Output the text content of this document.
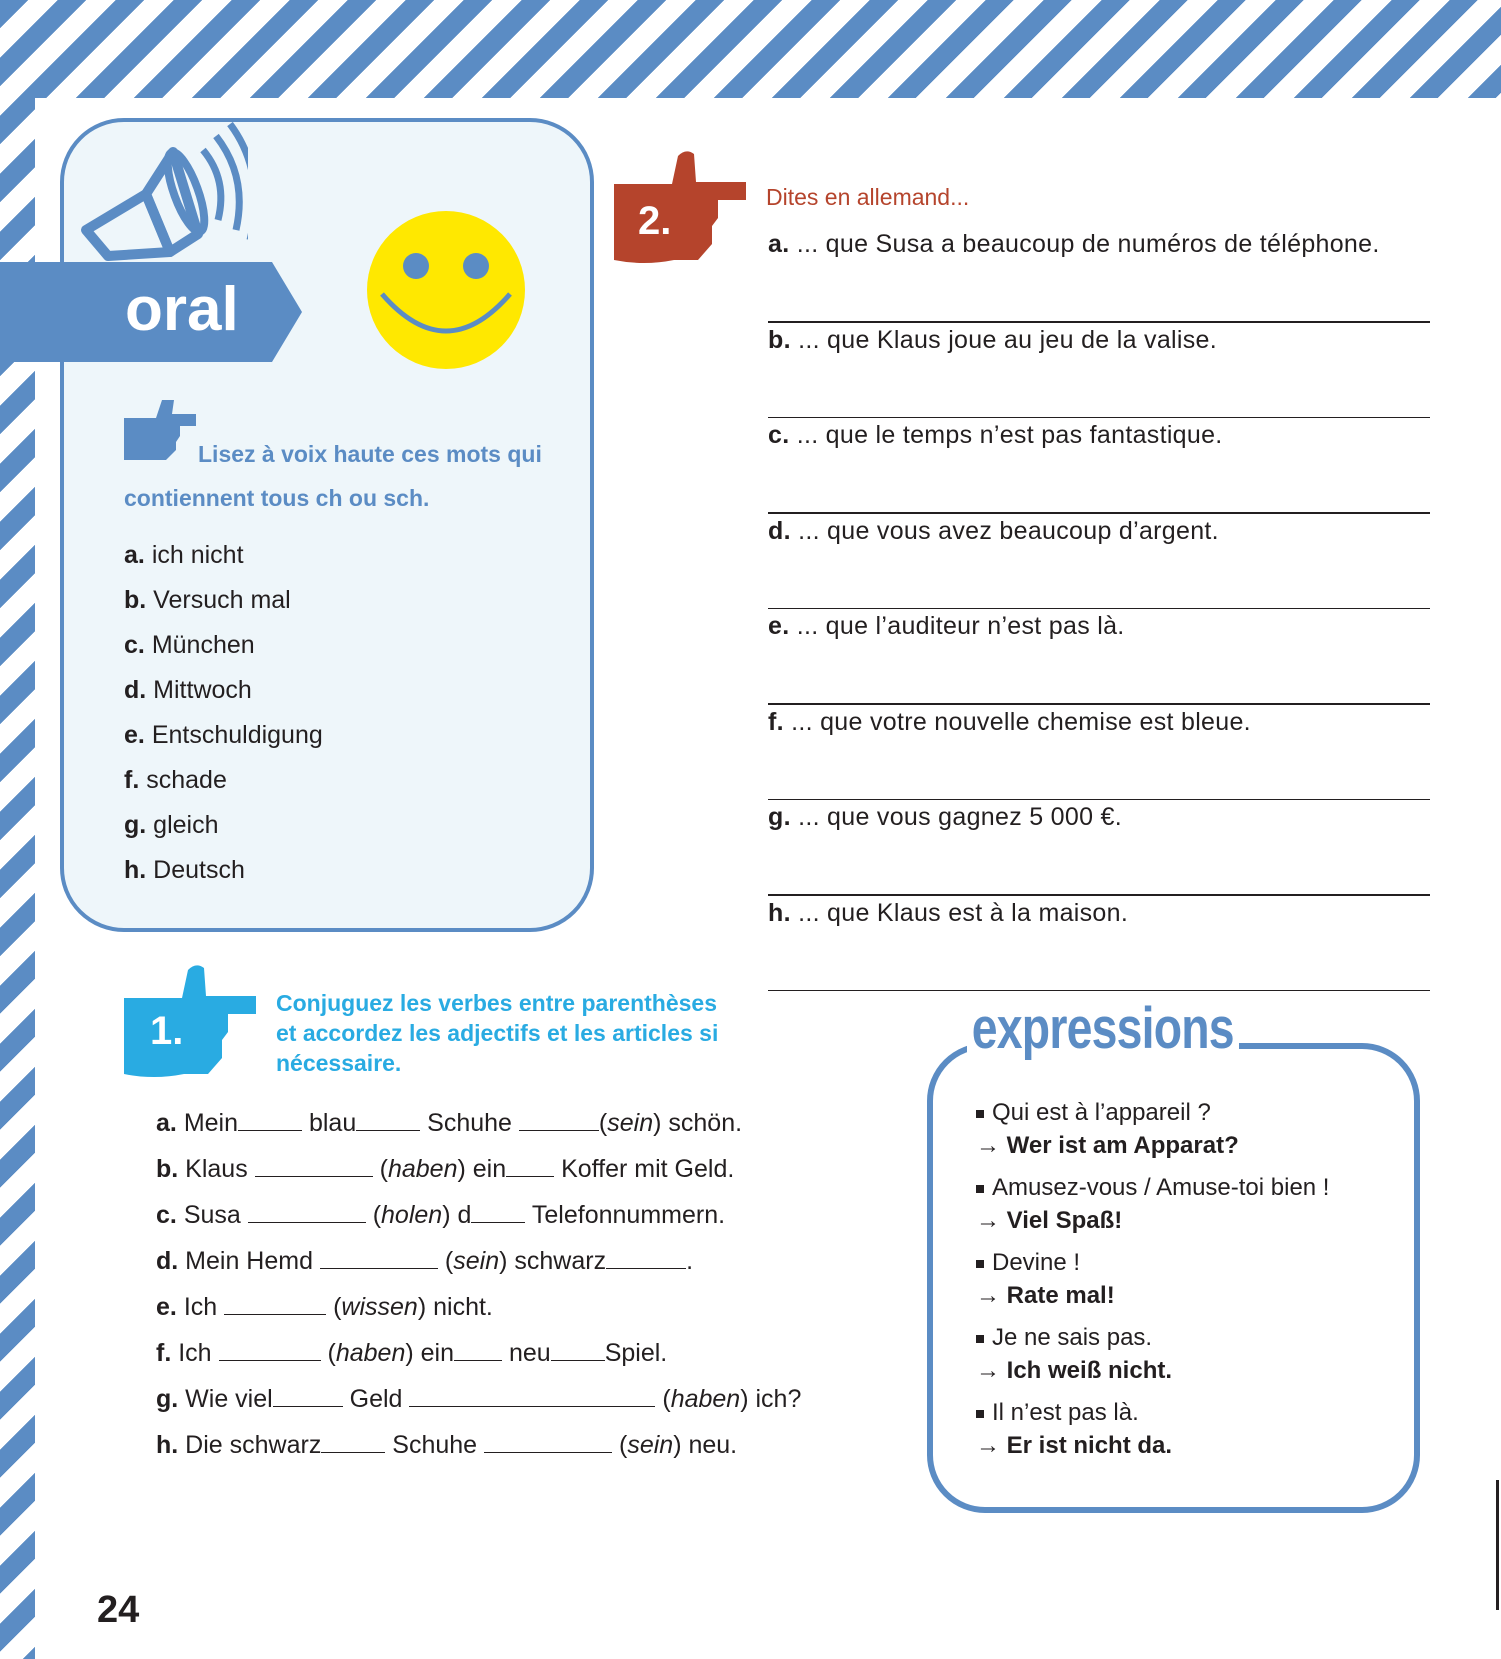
oral
Lisez à voix haute ces mots qui
contiennent tous ch ou sch.
a. ich nicht
b. Versuch mal
c. München
d. Mittwoch
e. Entschuldigung
f. schade
g. gleich
h. Deutsch
2.
Dites en allemand...
a. ... que Susa a beaucoup de numéros de téléphone.
b. ... que Klaus joue au jeu de la valise.
c. ... que le temps n’est pas fantastique.
d. ... que vous avez beaucoup d’argent.
e. ... que l’auditeur n’est pas là.
f. ... que votre nouvelle chemise est bleue.
g. ... que vous gagnez 5 000 €.
h. ... que Klaus est à la maison.
1.
Conjuguez les verbes entre parenthèses
et accordez les adjectifs et les articles si
nécessaire.
a. Mein	blau	Schuhe	(sein) schön.
b. Klaus	(haben) ein Koffer mit Geld.
c. Susa	(holen) d Telefonnummern.
d. Mein Hemd	(sein) schwarz	.
e. Ich	(wissen) nicht.
f. Ich	(haben) ein neu Spiel.
g. Wie viel	Geld	(haben) ich?
h. Die schwarz	Schuhe	(sein) neu.
expressions
Qui est à l’appareil ?
→ Wer ist am Apparat?
Amusez-vous / Amuse-toi bien !
→ Viel Spaß!
Devine !
→ Rate mal!
Je ne sais pas.
→ Ich weiß nicht.
Il n’est pas là.
→ Er ist nicht da.
24
